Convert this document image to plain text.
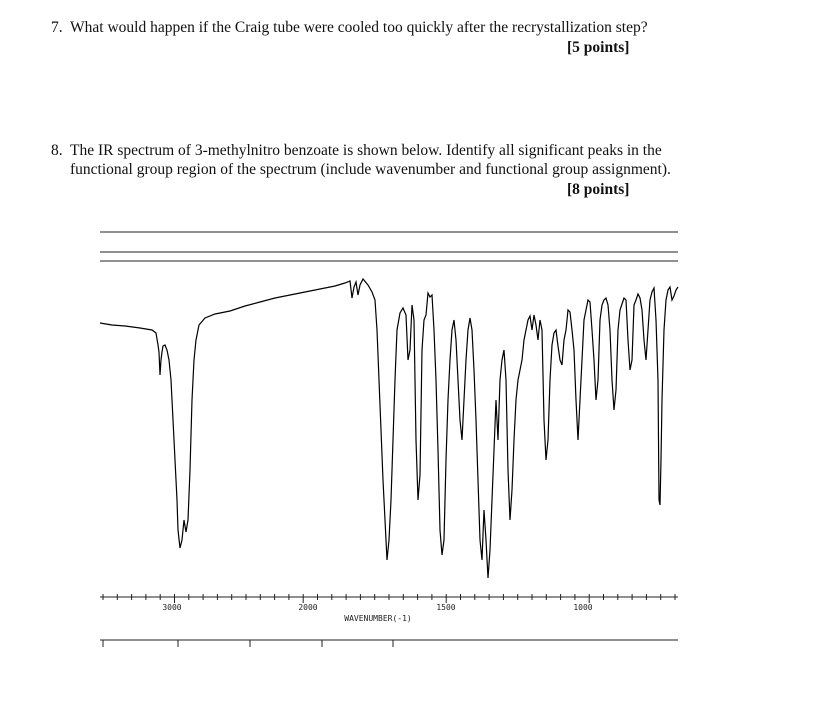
7. What would happen if the Craig tube were cooled too quickly after the recrystallization step?
[5 points]
8. The IR spectrum of 3-methylnitro benzoate is shown below. Identify all significant peaks in the
functional group region of the spectrum (include wavenumber and functional group assignment).
[8 points]
3000	2000	1500	1000
WAVENUMBER(-1)
